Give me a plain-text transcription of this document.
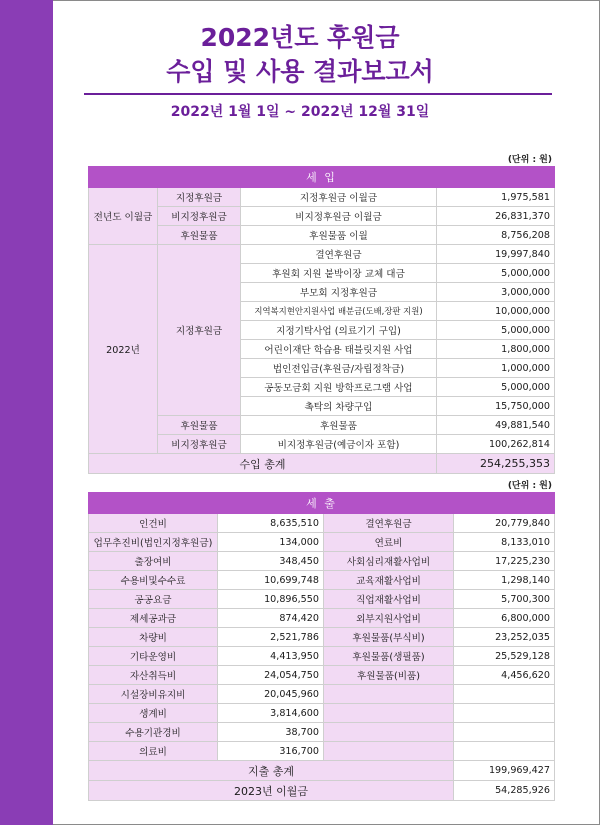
2022년도 후원금
수입 및 사용 결과보고서
2022년 1월 1일 ~ 2022년 12월 31일
(단위 : 원)
세 입			
전년도 이월금	지정후원금	지정후원금 이월금	1,975,581
	비지정후원금	비지정후원금 이월금	26,831,370
	후원물품	후원물품 이월	8,756,208
2022년	지정후원금	결연후원금	19,997,840
		후원회 지원 붙박이장 교체 대금	5,000,000
		부모회 지정후원금	3,000,000
		지역복지현안지원사업 배분금(도배,장판 지원)	10,000,000
		지정기탁사업 (의료기기 구입)	5,000,000
		어린이재단 학습용 태블릿지원 사업	1,800,000
		법인전입금(후원금/자립정착금)	1,000,000
		공동모금회 지원 방학프로그램 사업	5,000,000
		촉탁의 차량구입	15,750,000
	후원물품	후원물품	49,881,540
	비지정후원금	비지정후원금(예금이자 포함)	100,262,814
수입 총계			254,255,353
(단위 : 원)
세 출			
인건비	8,635,510	결연후원금	20,779,840
업무추진비(법인지정후원금)	134,000	연료비	8,133,010
출장여비	348,450	사회심리재활사업비	17,225,230
수용비및수수료	10,699,748	교육재활사업비	1,298,140
공공요금	10,896,550	직업재활사업비	5,700,300
제세공과금	874,420	외부지원사업비	6,800,000
차량비	2,521,786	후원물품(부식비)	23,252,035
기타운영비	4,413,950	후원물품(생필품)	25,529,128
자산취득비	24,054,750	후원물품(비품)	4,456,620
시설장비유지비	20,045,960		
생계비	3,814,600		
수용기관경비	38,700		
의료비	316,700		
지출 총계			199,969,427
2023년 이월금			54,285,926
